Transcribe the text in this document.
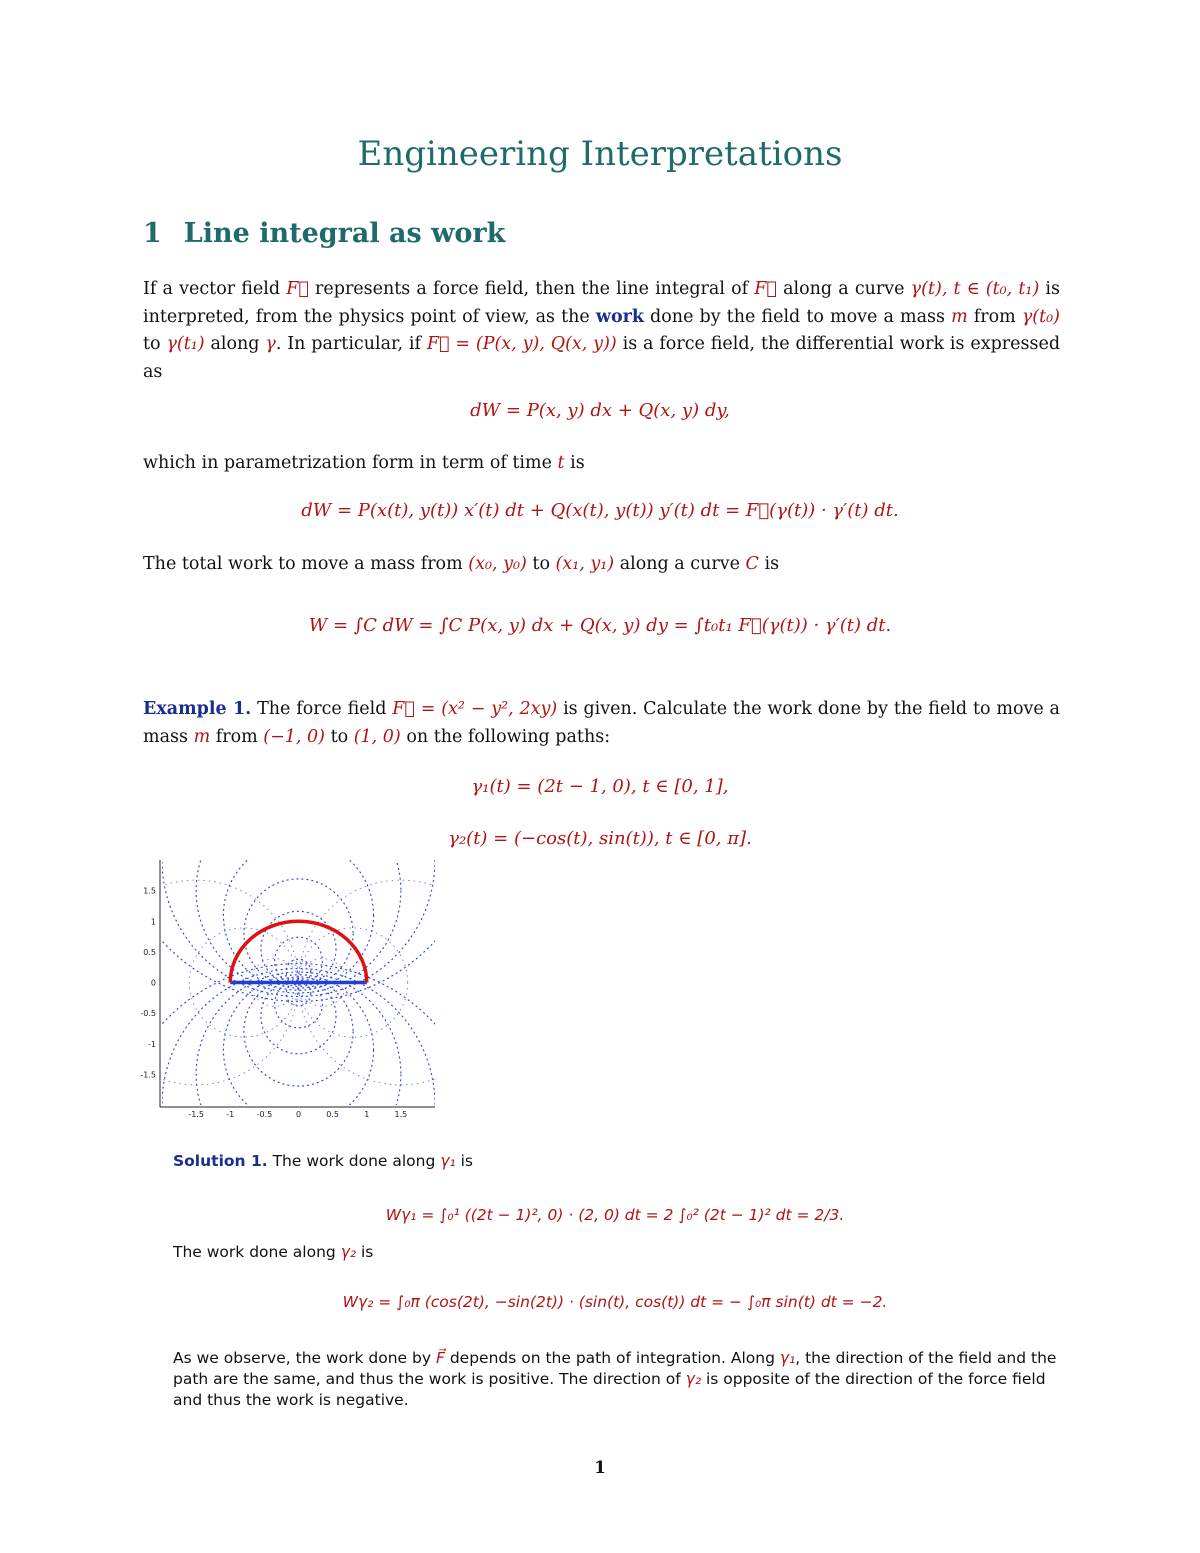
Engineering Interpretations
1 Line integral as work
If a vector field F⃗ represents a force field, then the line integral of F⃗ along a curve γ(t), t ∈ (t₀, t₁) is interpreted, from the physics point of view, as the work done by the field to move a mass m from γ(t₀) to γ(t₁) along γ. In particular, if F⃗ = (P(x, y), Q(x, y)) is a force field, the differential work is expressed as
dW = P(x, y) dx + Q(x, y) dy,
which in parametrization form in term of time t is
dW = P(x(t), y(t)) x′(t) dt + Q(x(t), y(t)) y′(t) dt = F⃗(γ(t)) · γ′(t) dt.
The total work to move a mass from (x₀, y₀) to (x₁, y₁) along a curve C is
W = ∫C dW = ∫C P(x, y) dx + Q(x, y) dy = ∫t₀t₁ F⃗(γ(t)) · γ′(t) dt.
Example 1. The force field F⃗ = (x² − y², 2xy) is given. Calculate the work done by the field to move a mass m from (−1, 0) to (1, 0) on the following paths:
γ₁(t) = (2t − 1, 0), t ∈ [0, 1],
γ₂(t) = (−cos(t), sin(t)), t ∈ [0, π].
-1.5	-1	-0.5	0	0.5	1	1.5
1.5
1
0.5
0
-0.5
-1
-1.5
Solution 1. The work done along γ₁ is
Wγ₁ = ∫₀¹ ((2t − 1)², 0) · (2, 0) dt = 2 ∫₀² (2t − 1)² dt = 2/3.
The work done along γ₂ is
Wγ₂ = ∫₀π (cos(2t), −sin(2t)) · (sin(t), cos(t)) dt = − ∫₀π sin(t) dt = −2.
As we observe, the work done by F⃗ depends on the path of integration. Along γ₁, the direction of the field and the path are the same, and thus the work is positive. The direction of γ₂ is opposite of the direction of the force field and thus the work is negative.
1
